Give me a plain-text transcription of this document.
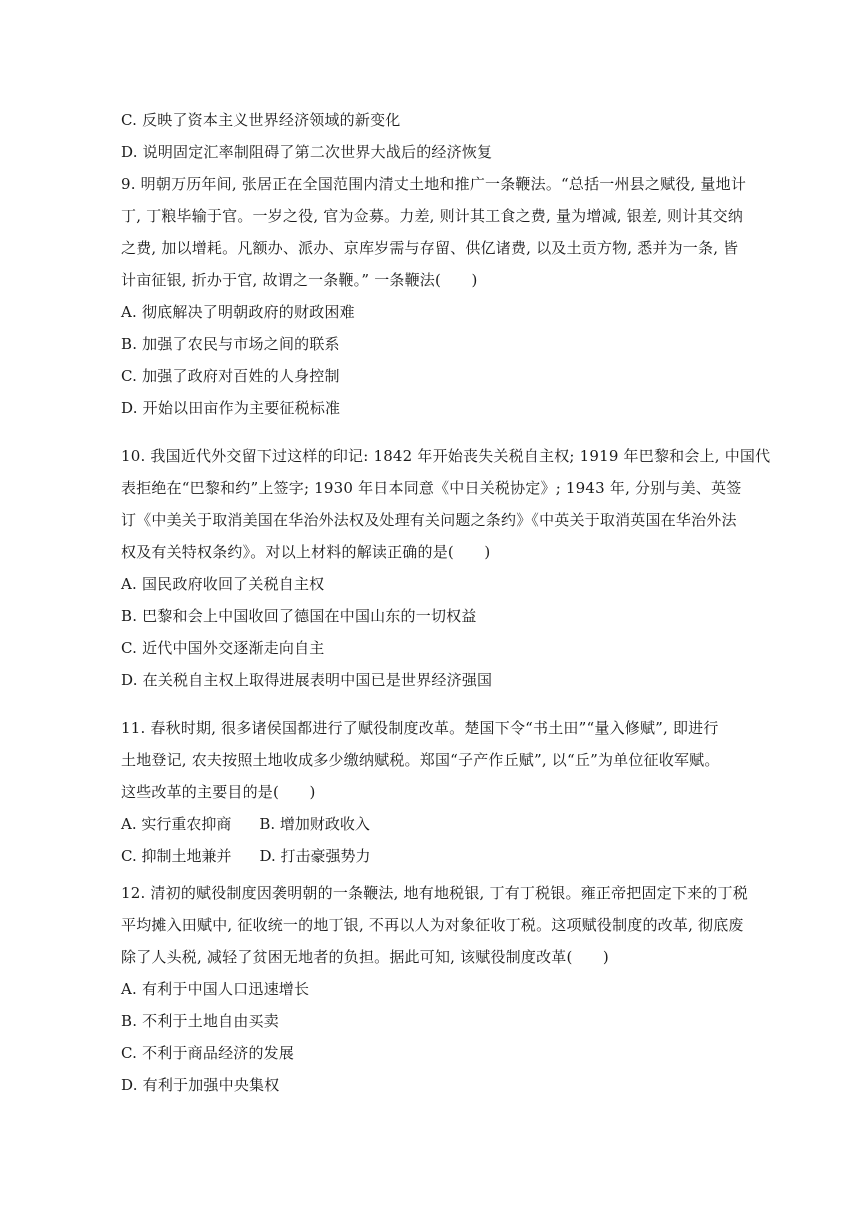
C. 反映了资本主义世界经济领域的新变化
D. 说明固定汇率制阻碍了第二次世界大战后的经济恢复
9. 明朝万历年间, 张居正在全国范围内清丈土地和推广一条鞭法。“总括一州县之赋役, 量地计
丁, 丁粮毕输于官。一岁之役, 官为佥募。力差, 则计其工食之费, 量为增减, 银差, 则计其交纳
之费, 加以增耗。凡额办、派办、京库岁需与存留、供亿诸费, 以及土贡方物, 悉并为一条, 皆
计亩征银, 折办于官, 故谓之一条鞭。” 一条鞭法(　　)
A. 彻底解决了明朝政府的财政困难
B. 加强了农民与市场之间的联系
C. 加强了政府对百姓的人身控制
D. 开始以田亩作为主要征税标准
10. 我国近代外交留下过这样的印记: 1842 年开始丧失关税自主权; 1919 年巴黎和会上, 中国代
表拒绝在“巴黎和约”上签字; 1930 年日本同意《中日关税协定》; 1943 年, 分别与美、英签
订《中美关于取消美国在华治外法权及处理有关问题之条约》《中英关于取消英国在华治外法
权及有关特权条约》。对以上材料的解读正确的是(　　)
A. 国民政府收回了关税自主权
B. 巴黎和会上中国收回了德国在中国山东的一切权益
C. 近代中国外交逐渐走向自主
D. 在关税自主权上取得进展表明中国已是世界经济强国
11. 春秋时期, 很多诸侯国都进行了赋役制度改革。楚国下令“书土田”“量入修赋”, 即进行
土地登记, 农夫按照土地收成多少缴纳赋税。郑国“子产作丘赋”, 以“丘”为单位征收军赋。
这些改革的主要目的是(　　)
A. 实行重农抑商 B. 增加财政收入
C. 抑制土地兼并 D. 打击豪强势力
12. 清初的赋役制度因袭明朝的一条鞭法, 地有地税银, 丁有丁税银。雍正帝把固定下来的丁税
平均摊入田赋中, 征收统一的地丁银, 不再以人为对象征收丁税。这项赋役制度的改革, 彻底废
除了人头税, 减轻了贫困无地者的负担。据此可知, 该赋役制度改革(　　)
A. 有利于中国人口迅速增长
B. 不利于土地自由买卖
C. 不利于商品经济的发展
D. 有利于加强中央集权
